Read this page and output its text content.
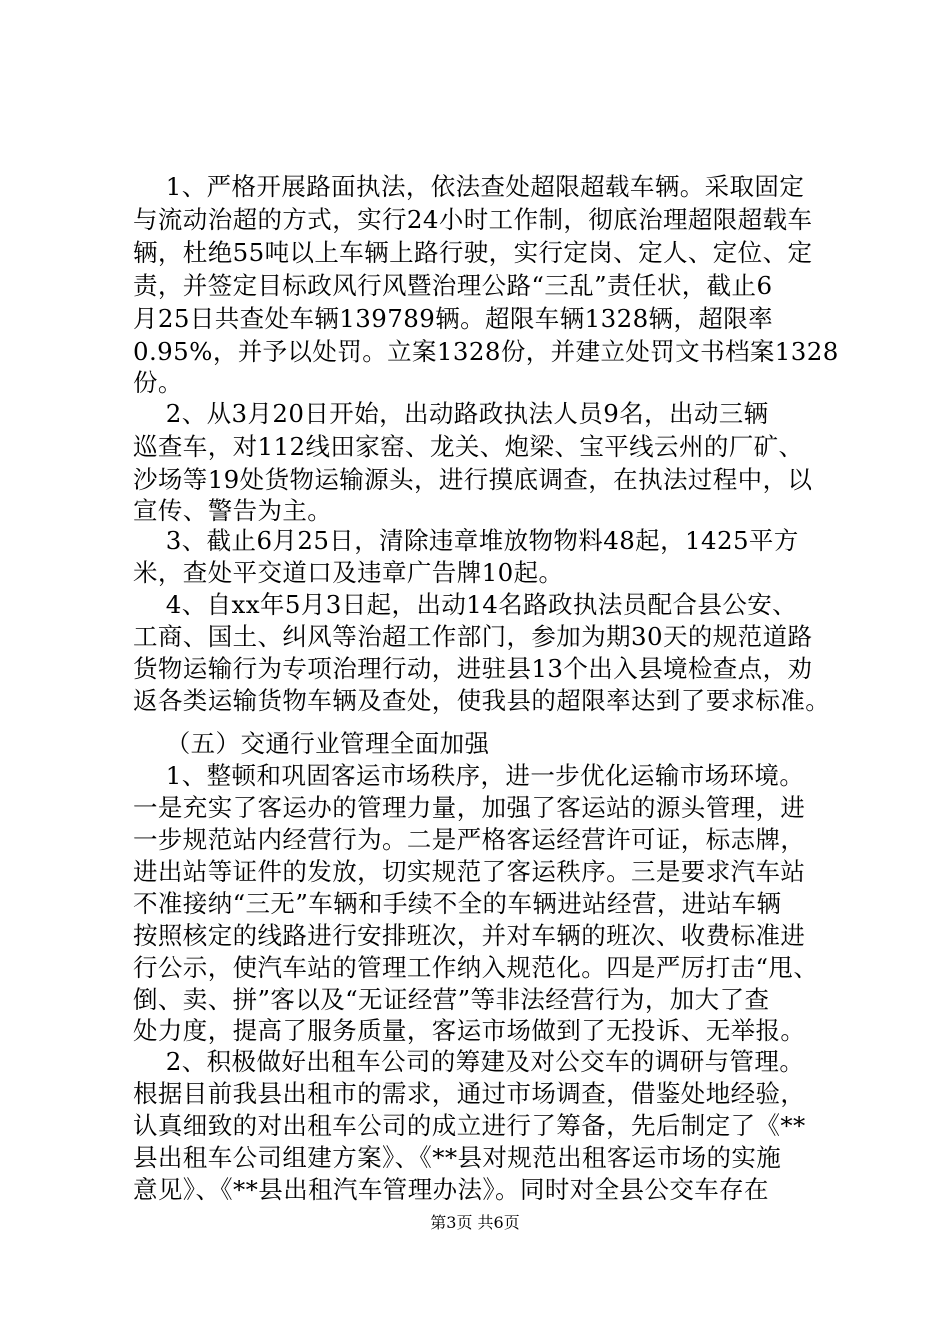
1、严格开展路面执法，依法查处超限超载车辆。采取固定
与流动治超的方式，实行24小时工作制，彻底治理超限超载车
辆，杜绝55吨以上车辆上路行驶，实行定岗、定人、定位、定
责，并签定目标政风行风暨治理公路“三乱”责任状，截止6
月25日共查处车辆139789辆。超限车辆1328辆，超限率
0.95%，并予以处罚。立案1328份，并建立处罚文书档案1328
份。
2、从3月20日开始，出动路政执法人员9名，出动三辆
巡查车，对112线田家窑、龙关、炮梁、宝平线云州的厂矿、
沙场等19处货物运输源头，进行摸底调查，在执法过程中，以
宣传、警告为主。
3、截止6月25日，清除违章堆放物物料48起，1425平方
米，查处平交道口及违章广告牌10起。
4、自xx年5月3日起，出动14名路政执法员配合县公安、
工商、国土、纠风等治超工作部门，参加为期30天的规范道路
货物运输行为专项治理行动，进驻县13个出入县境检查点，劝
返各类运输货物车辆及查处，使我县的超限率达到了要求标准。
（五）交通行业管理全面加强
1、整顿和巩固客运市场秩序，进一步优化运输市场环境。
一是充实了客运办的管理力量，加强了客运站的源头管理，进
一步规范站内经营行为。二是严格客运经营许可证，标志牌，
进出站等证件的发放，切实规范了客运秩序。三是要求汽车站
不准接纳“三无”车辆和手续不全的车辆进站经营，进站车辆
按照核定的线路进行安排班次，并对车辆的班次、收费标准进
行公示，使汽车站的管理工作纳入规范化。四是严厉打击“甩、
倒、卖、拼”客以及“无证经营”等非法经营行为，加大了查
处力度，提高了服务质量，客运市场做到了无投诉、无举报。
2、积极做好出租车公司的筹建及对公交车的调研与管理。
根据目前我县出租市的需求，通过市场调查，借鉴处地经验，
认真细致的对出租车公司的成立进行了筹备，先后制定了《**
县出租车公司组建方案》、《**县对规范出租客运市场的实施
意见》、《**县出租汽车管理办法》。同时对全县公交车存在
第3页 共6页
